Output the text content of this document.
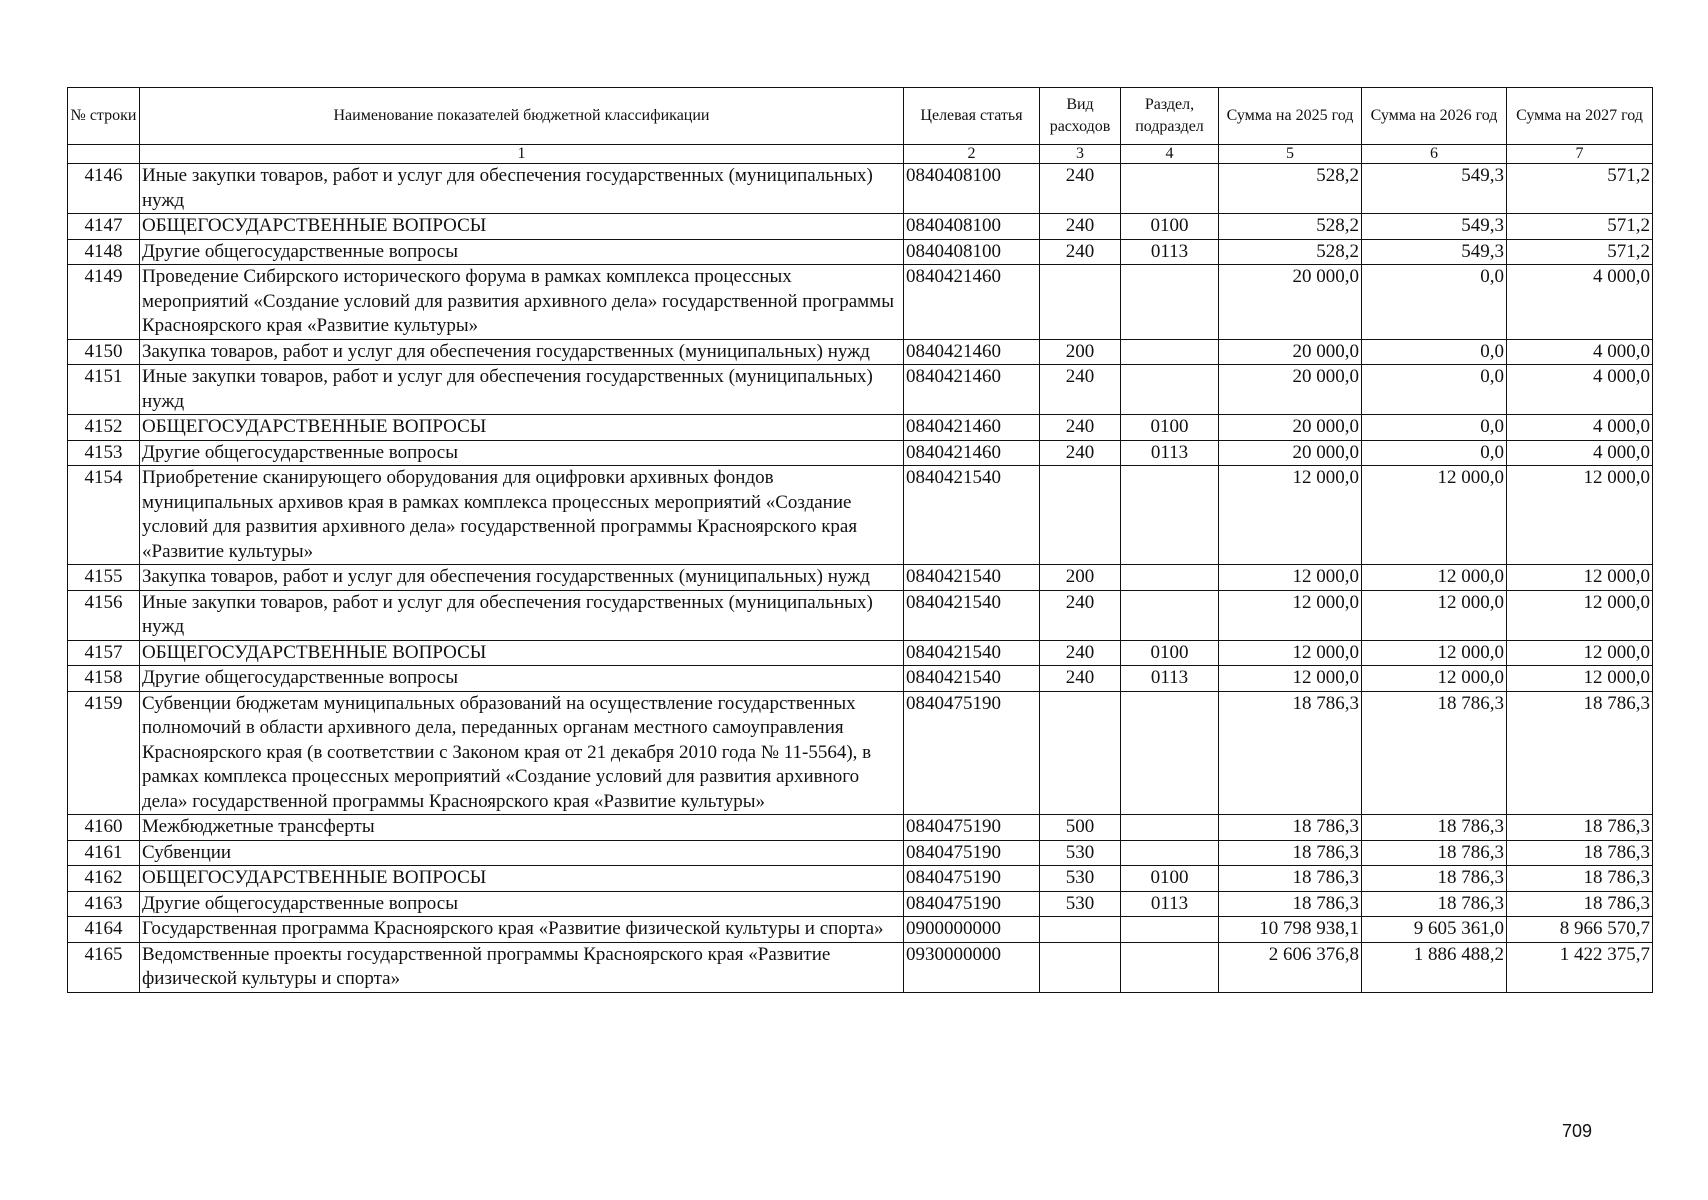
№ строки	Наименование показателей бюджетной классификации	Целевая статья	Вид расходов	Раздел, подраздел	Сумма на 2025 год	Сумма на 2026 год	Сумма на 2027 год
	1	2	3	4	5	6	7
4146	Иные закупки товаров, работ и услуг для обеспечения государственных (муниципальных) нужд	0840408100	240		528,2	549,3	571,2
4147	ОБЩЕГОСУДАРСТВЕННЫЕ ВОПРОСЫ	0840408100	240	0100	528,2	549,3	571,2
4148	Другие общегосударственные вопросы	0840408100	240	0113	528,2	549,3	571,2
4149	Проведение Сибирского исторического форума в рамках комплекса процессных мероприятий «Создание условий для развития архивного дела» государственной программы Красноярского края «Развитие культуры»	0840421460			20 000,0	0,0	4 000,0
4150	Закупка товаров, работ и услуг для обеспечения государственных (муниципальных) нужд	0840421460	200		20 000,0	0,0	4 000,0
4151	Иные закупки товаров, работ и услуг для обеспечения государственных (муниципальных) нужд	0840421460	240		20 000,0	0,0	4 000,0
4152	ОБЩЕГОСУДАРСТВЕННЫЕ ВОПРОСЫ	0840421460	240	0100	20 000,0	0,0	4 000,0
4153	Другие общегосударственные вопросы	0840421460	240	0113	20 000,0	0,0	4 000,0
4154	Приобретение сканирующего оборудования для оцифровки архивных фондов муниципальных архивов края в рамках комплекса процессных мероприятий «Создание условий для развития архивного дела» государственной программы Красноярского края «Развитие культуры»	0840421540			12 000,0	12 000,0	12 000,0
4155	Закупка товаров, работ и услуг для обеспечения государственных (муниципальных) нужд	0840421540	200		12 000,0	12 000,0	12 000,0
4156	Иные закупки товаров, работ и услуг для обеспечения государственных (муниципальных) нужд	0840421540	240		12 000,0	12 000,0	12 000,0
4157	ОБЩЕГОСУДАРСТВЕННЫЕ ВОПРОСЫ	0840421540	240	0100	12 000,0	12 000,0	12 000,0
4158	Другие общегосударственные вопросы	0840421540	240	0113	12 000,0	12 000,0	12 000,0
4159	Субвенции бюджетам муниципальных образований на осуществление государственных полномочий в области архивного дела, переданных органам местного самоуправления Красноярского края (в соответствии с Законом края от 21 декабря 2010 года № 11-5564), в рамках комплекса процессных мероприятий «Создание условий для развития архивного дела» государственной программы Красноярского края «Развитие культуры»	0840475190			18 786,3	18 786,3	18 786,3
4160	Межбюджетные трансферты	0840475190	500		18 786,3	18 786,3	18 786,3
4161	Субвенции	0840475190	530		18 786,3	18 786,3	18 786,3
4162	ОБЩЕГОСУДАРСТВЕННЫЕ ВОПРОСЫ	0840475190	530	0100	18 786,3	18 786,3	18 786,3
4163	Другие общегосударственные вопросы	0840475190	530	0113	18 786,3	18 786,3	18 786,3
4164	Государственная программа Красноярского края «Развитие физической культуры и спорта»	0900000000			10 798 938,1	9 605 361,0	8 966 570,7
4165	Ведомственные проекты государственной программы Красноярского края «Развитие физической культуры и спорта»	0930000000			2 606 376,8	1 886 488,2	1 422 375,7
709
